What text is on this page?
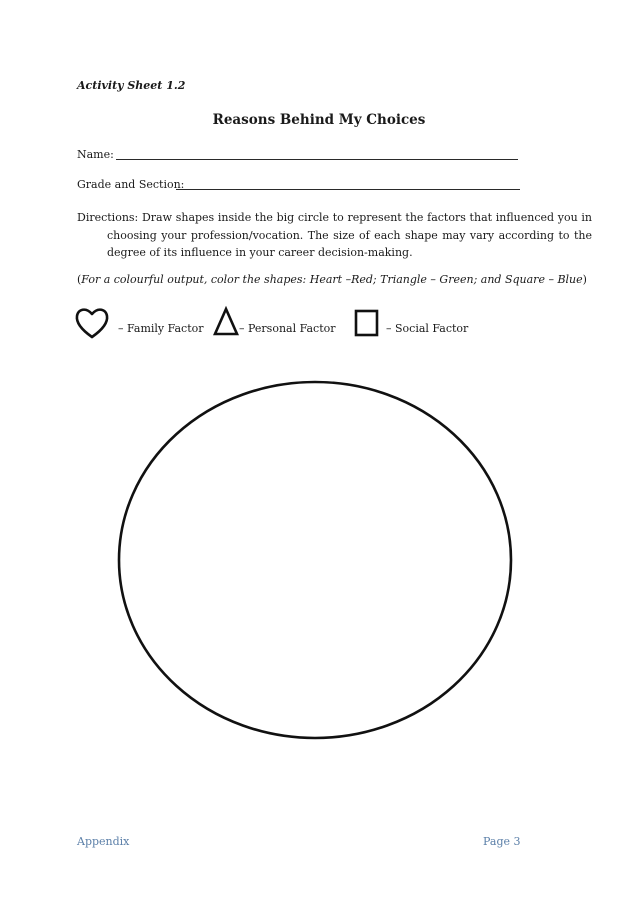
Activity Sheet 1.2
Reasons Behind My Choices
Name:
Grade and Section:
Directions: Draw shapes inside the big circle to represent the factors that influenced you in choosing your profession/vocation. The size of each shape may vary according to the degree of its influence in your career decision-making.
(For a colourful output, color the shapes: Heart –Red; Triangle – Green; and Square – Blue)
– Family Factor	– Personal Factor	– Social Factor
Appendix	Page 3
